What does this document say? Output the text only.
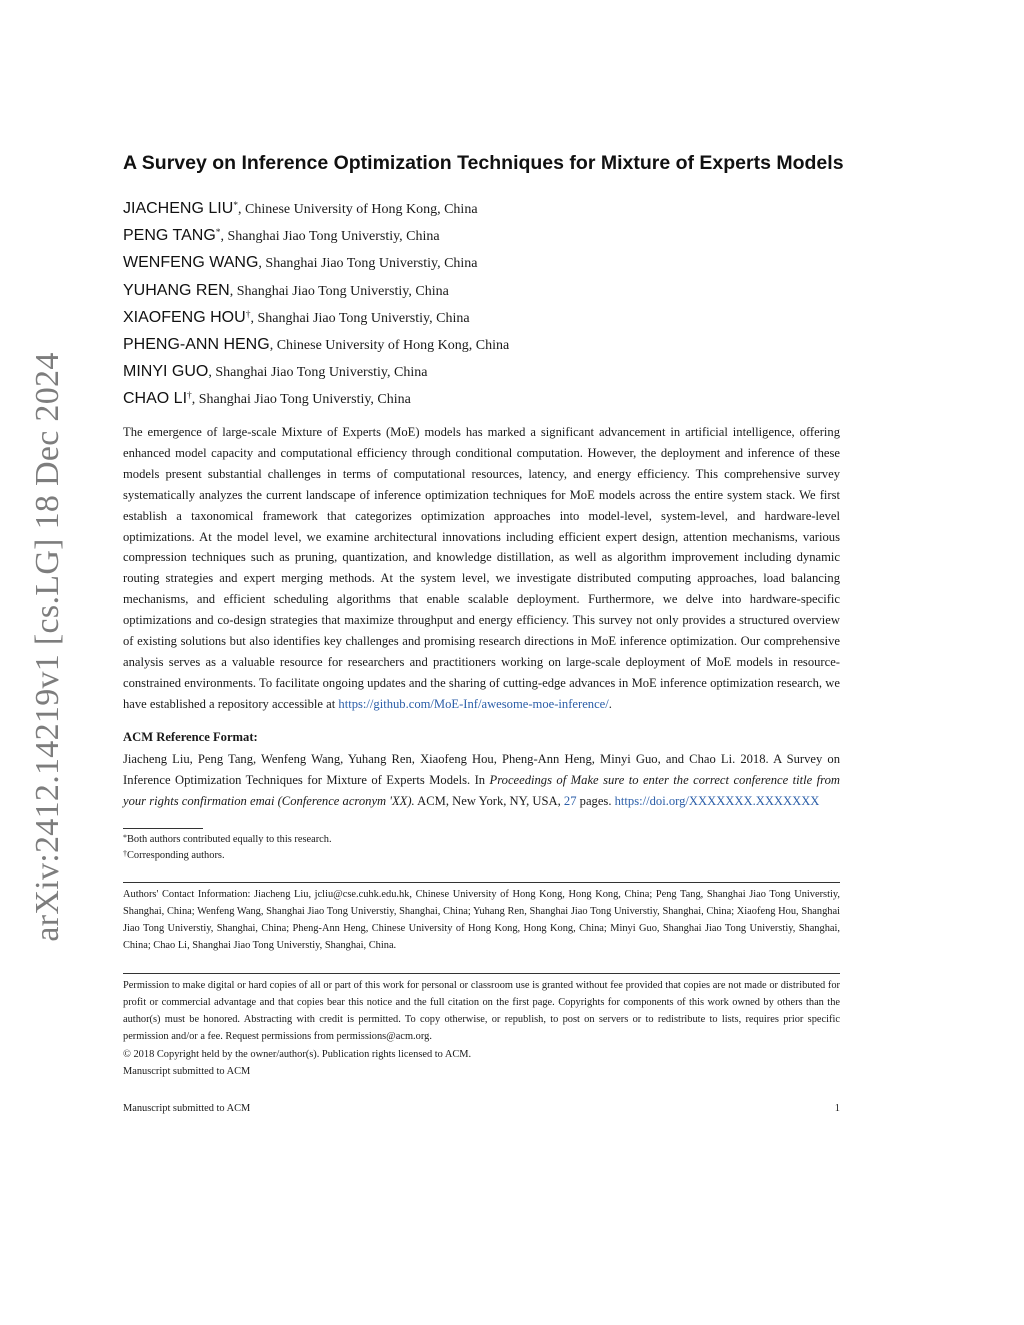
arXiv:2412.14219v1 [cs.LG] 18 Dec 2024
A Survey on Inference Optimization Techniques for Mixture of Experts Models
JIACHENG LIU*, Chinese University of Hong Kong, China
PENG TANG*, Shanghai Jiao Tong Universtiy, China
WENFENG WANG, Shanghai Jiao Tong Universtiy, China
YUHANG REN, Shanghai Jiao Tong Universtiy, China
XIAOFENG HOU†, Shanghai Jiao Tong Universtiy, China
PHENG-ANN HENG, Chinese University of Hong Kong, China
MINYI GUO, Shanghai Jiao Tong Universtiy, China
CHAO LI†, Shanghai Jiao Tong Universtiy, China
The emergence of large-scale Mixture of Experts (MoE) models has marked a significant advancement in artificial intelligence, offering enhanced model capacity and computational efficiency through conditional computation. However, the deployment and inference of these models present substantial challenges in terms of computational resources, latency, and energy efficiency. This comprehensive survey systematically analyzes the current landscape of inference optimization techniques for MoE models across the entire system stack. We first establish a taxonomical framework that categorizes optimization approaches into model-level, system-level, and hardware-level optimizations. At the model level, we examine architectural innovations including efficient expert design, attention mechanisms, various compression techniques such as pruning, quantization, and knowledge distillation, as well as algorithm improvement including dynamic routing strategies and expert merging methods. At the system level, we investigate distributed computing approaches, load balancing mechanisms, and efficient scheduling algorithms that enable scalable deployment. Furthermore, we delve into hardware-specific optimizations and co-design strategies that maximize throughput and energy efficiency. This survey not only provides a structured overview of existing solutions but also identifies key challenges and promising research directions in MoE inference optimization. Our comprehensive analysis serves as a valuable resource for researchers and practitioners working on large-scale deployment of MoE models in resource-constrained environments. To facilitate ongoing updates and the sharing of cutting-edge advances in MoE inference optimization research, we have established a repository accessible at https://github.com/MoE-Inf/awesome-moe-inference/.
ACM Reference Format:
Jiacheng Liu, Peng Tang, Wenfeng Wang, Yuhang Ren, Xiaofeng Hou, Pheng-Ann Heng, Minyi Guo, and Chao Li. 2018. A Survey on Inference Optimization Techniques for Mixture of Experts Models. In Proceedings of Make sure to enter the correct conference title from your rights confirmation emai (Conference acronym 'XX). ACM, New York, NY, USA, 27 pages. https://doi.org/XXXXXXX.XXXXXXX
*Both authors contributed equally to this research.
†Corresponding authors.
Authors' Contact Information: Jiacheng Liu, jcliu@cse.cuhk.edu.hk, Chinese University of Hong Kong, Hong Kong, China; Peng Tang, Shanghai Jiao Tong Universtiy, Shanghai, China; Wenfeng Wang, Shanghai Jiao Tong Universtiy, Shanghai, China; Yuhang Ren, Shanghai Jiao Tong Universtiy, Shanghai, China; Xiaofeng Hou, Shanghai Jiao Tong Universtiy, Shanghai, China; Pheng-Ann Heng, Chinese University of Hong Kong, Hong Kong, China; Minyi Guo, Shanghai Jiao Tong Universtiy, Shanghai, China; Chao Li, Shanghai Jiao Tong Universtiy, Shanghai, China.
Permission to make digital or hard copies of all or part of this work for personal or classroom use is granted without fee provided that copies are not made or distributed for profit or commercial advantage and that copies bear this notice and the full citation on the first page. Copyrights for components of this work owned by others than the author(s) must be honored. Abstracting with credit is permitted. To copy otherwise, or republish, to post on servers or to redistribute to lists, requires prior specific permission and/or a fee. Request permissions from permissions@acm.org.
© 2018 Copyright held by the owner/author(s). Publication rights licensed to ACM.
Manuscript submitted to ACM
Manuscript submitted to ACM	1
